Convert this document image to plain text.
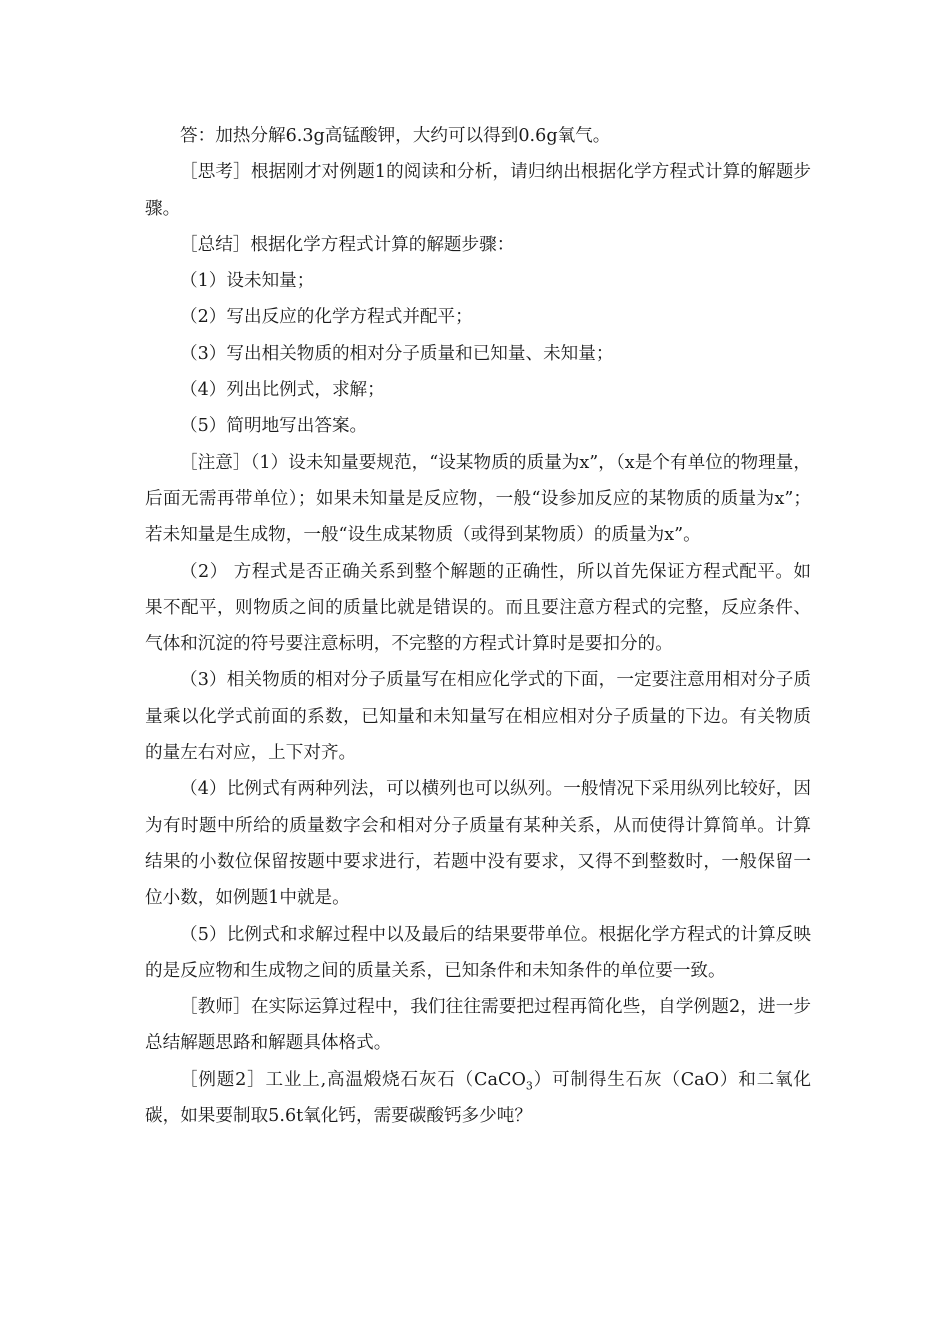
答：加热分解6.3g高锰酸钾，大约可以得到0.6g氧气。

［思考］根据刚才对例题1的阅读和分析，请归纳出根据化学方程式计算的解题步骤。

［总结］根据化学方程式计算的解题步骤：

（1）设未知量；

（2）写出反应的化学方程式并配平；

（3）写出相关物质的相对分子质量和已知量、未知量；

（4）列出比例式，求解；

（5）简明地写出答案。

［注意］（1）设未知量要规范，“设某物质的质量为x”，（x是个有单位的物理量，后面无需再带单位）；如果未知量是反应物，一般“设参加反应的某物质的质量为x”；若未知量是生成物，一般“设生成某物质（或得到某物质）的质量为x”。

（2） 方程式是否正确关系到整个解题的正确性，所以首先保证方程式配平。如果不配平，则物质之间的质量比就是错误的。而且要注意方程式的完整，反应条件、气体和沉淀的符号要注意标明，不完整的方程式计算时是要扣分的。

（3）相关物质的相对分子质量写在相应化学式的下面，一定要注意用相对分子质量乘以化学式前面的系数，已知量和未知量写在相应相对分子质量的下边。有关物质的量左右对应，上下对齐。

（4）比例式有两种列法，可以横列也可以纵列。一般情况下采用纵列比较好，因为有时题中所给的质量数字会和相对分子质量有某种关系，从而使得计算简单。计算结果的小数位保留按题中要求进行，若题中没有要求，又得不到整数时，一般保留一位小数，如例题1中就是。

（5）比例式和求解过程中以及最后的结果要带单位。根据化学方程式的计算反映的是反应物和生成物之间的质量关系，已知条件和未知条件的单位要一致。

［教师］在实际运算过程中，我们往往需要把过程再简化些，自学例题2，进一步总结解题思路和解题具体格式。

［例题2］工业上,高温煅烧石灰石（CaCO$_3$）可制得生石灰（CaO）和二氧化碳，如果要制取5.6t氧化钙，需要碳酸钙多少吨？
